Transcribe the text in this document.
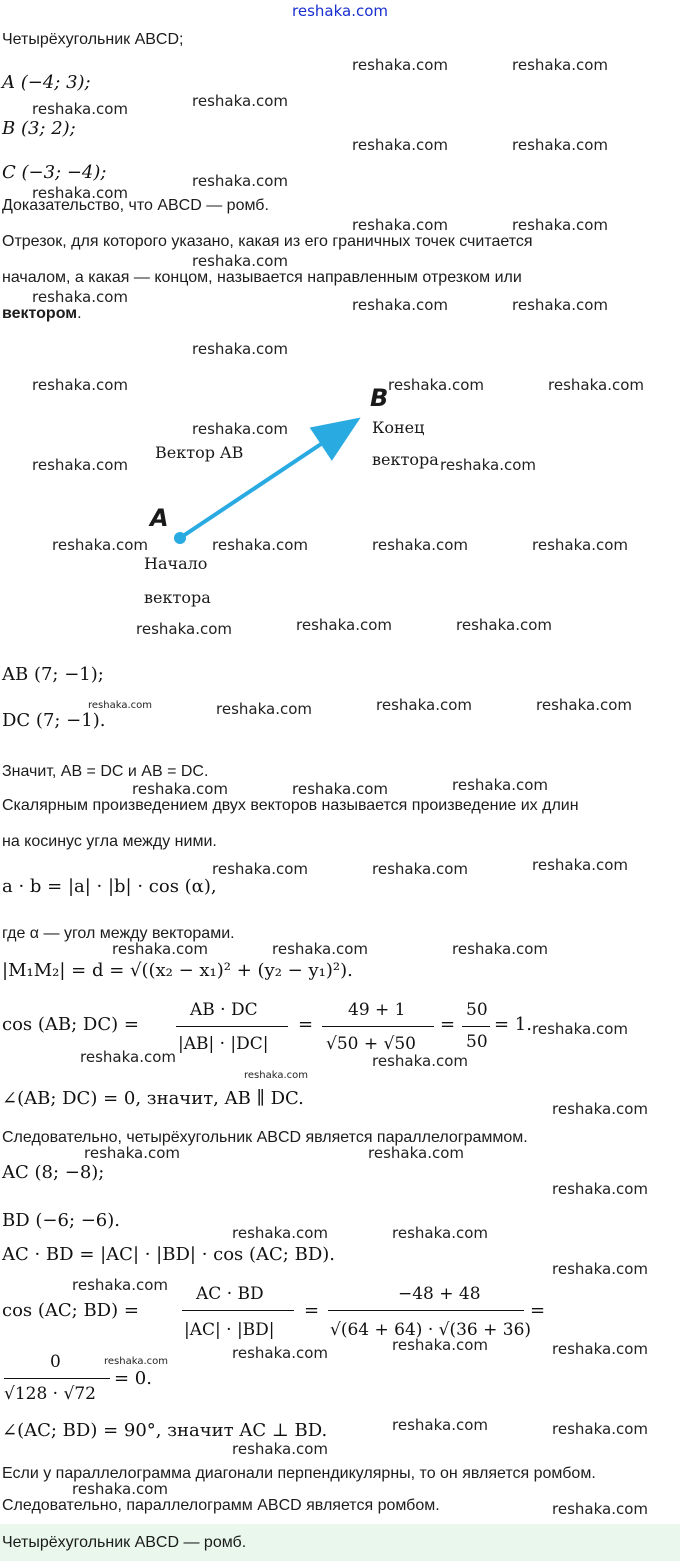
reshaka.com
Четырёхугольник ABCD;
A (−4; 3);
B (3; 2);
C (−3; −4);
Доказательство, что ABCD — ромб.
Отрезок, для которого указано, какая из его граничных точек считается
началом, а какая — концом, называется направленным отрезком или
вектором.
B
A
Вектор AB
Конец
вектора
Начало
вектора
AB (7; −1);
DC (7; −1).
Значит, AB = DC и AB = DC.
Скалярным произведением двух векторов называется произведение их длин
на косинус угла между ними.
a · b = |a| · |b| · cos (α),
где α — угол между векторами.
|M₁M₂| = d = √((x₂ − x₁)² + (y₂ − y₁)²).
cos (AB; DC) =
AB · DC
|AB| · |DC|
=
49 + 1
√50 + √50
=
50
50
= 1.
∠(AB; DC) = 0, значит, AB ∥ DC.
Следовательно, четырёхугольник ABCD является параллелограммом.
AC (8; −8);
BD (−6; −6).
AC · BD = |AC| · |BD| · cos (AC; BD).
cos (AC; BD) =
AC · BD
|AC| · |BD|
=
−48 + 48
√(64 + 64) · √(36 + 36)
=
0
√128 · √72
= 0.
∠(AC; BD) = 90°, значит AC ⊥ BD.
Если у параллелограмма диагонали перпендикулярны, то он является ромбом.
Следовательно, параллелограмм ABCD является ромбом.
Четырёхугольник ABCD — ромб.
reshaka.com	reshaka.com
reshaka.com	reshaka.com
reshaka.com	reshaka.com
reshaka.com
reshaka.com
reshaka.com	reshaka.com
reshaka.com
reshaka.com	reshaka.com	reshaka.com
reshaka.com
reshaka.com	reshaka.com	reshaka.com
reshaka.com
reshaka.com	reshaka.com
reshaka.com	reshaka.com	reshaka.com	reshaka.com
reshaka.com	reshaka.com	reshaka.com
reshaka.com	reshaka.com	reshaka.com	reshaka.com
reshaka.com	reshaka.com	reshaka.com
reshaka.com	reshaka.com	reshaka.com
reshaka.com	reshaka.com	reshaka.com
reshaka.com
reshaka.com	reshaka.com
reshaka.com
reshaka.com
reshaka.com	reshaka.com
reshaka.com
reshaka.com	reshaka.com
reshaka.com
reshaka.com
reshaka.com
reshaka.com	reshaka.com
reshaka.com
reshaka.com	reshaka.com
reshaka.com
reshaka.com
reshaka.com
